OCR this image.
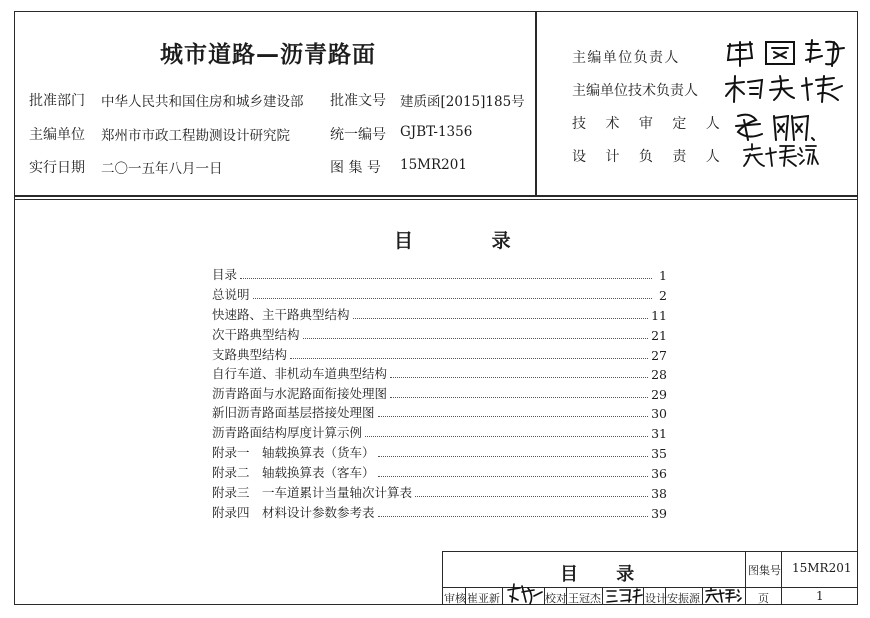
城市道路—沥青路面
批准部门 中华人民共和国住房和城乡建设部 批准文号 建质函[2015]185号
主编单位 郑州市市政工程勘测设计研究院	统一编号 GJBT-1356
实行日期 二〇一五年八月一日	图 集 号 15MR201
主编单位负责人
主编单位技术负责人
技 术 审 定 人
设 计 负 责 人
目 录
目录	1
总说明	2
快速路、主干路典型结构	11
次干路典型结构	21
支路典型结构	27
自行车道、非机动车道典型结构	28
沥青路面与水泥路面衔接处理图	29
新旧沥青路面基层搭接处理图	30
沥青路面结构厚度计算示例	31
附录一　轴载换算表（货车）	35
附录二　轴载换算表（客车）	36
附录三　一车道累计当量轴次计算表	38
附录四　材料设计参数参考表	39
目 录	图集号 15MR201
审核 崔亚新	校对 王冠杰	设计 安振源	页	1
